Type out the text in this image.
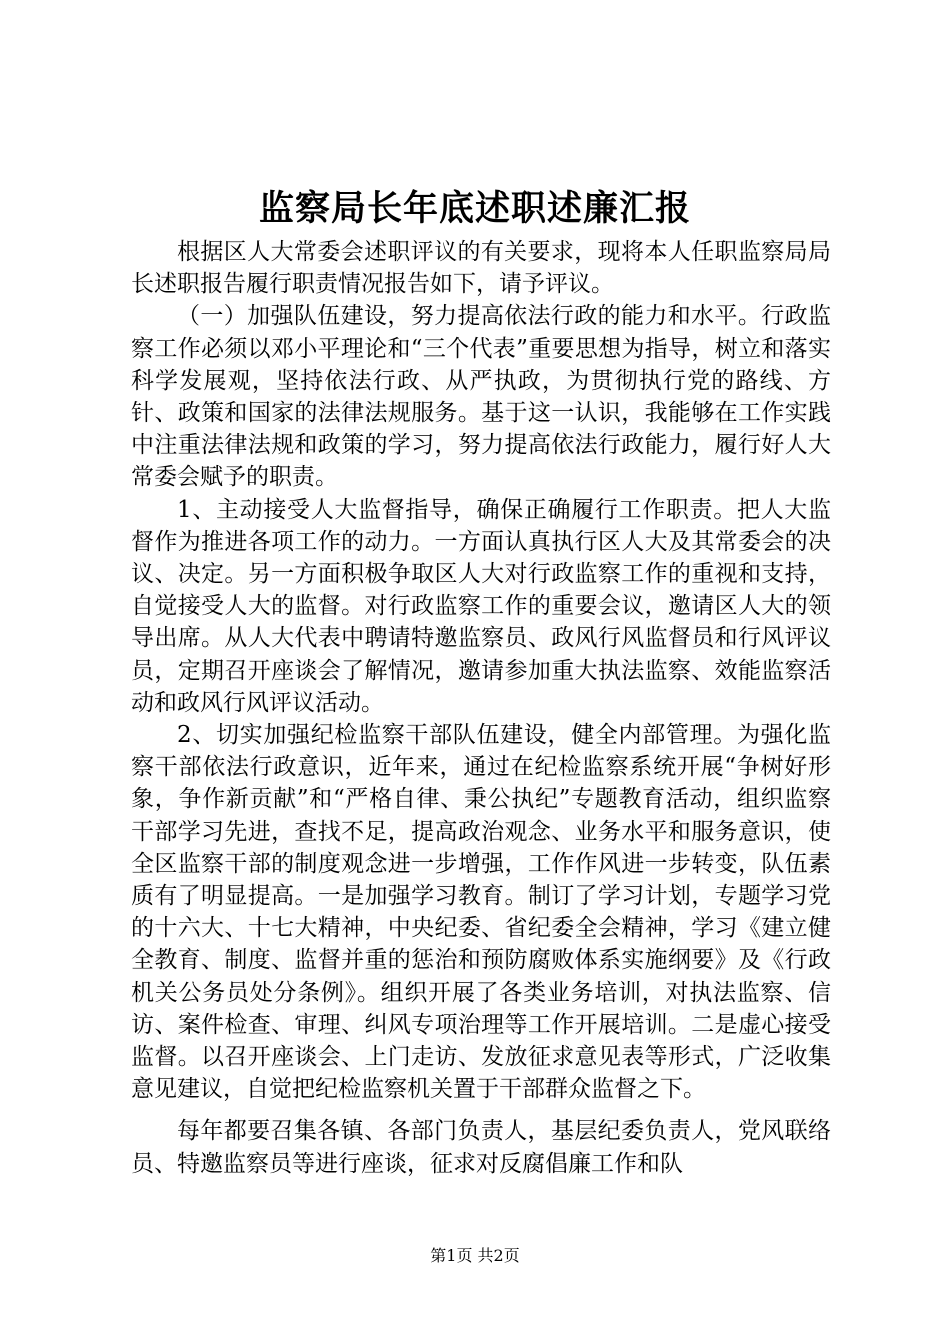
监察局长年底述职述廉汇报

根据区人大常委会述职评议的有关要求，现将本人任职监察局局长述职报告履行职责情况报告如下，请予评议。

（一）加强队伍建设，努力提高依法行政的能力和水平。行政监察工作必须以邓小平理论和“三个代表”重要思想为指导，树立和落实科学发展观，坚持依法行政、从严执政，为贯彻执行党的路线、方针、政策和国家的法律法规服务。基于这一认识，我能够在工作实践中注重法律法规和政策的学习，努力提高依法行政能力，履行好人大常委会赋予的职责。

1、主动接受人大监督指导，确保正确履行工作职责。把人大监督作为推进各项工作的动力。一方面认真执行区人大及其常委会的决议、决定。另一方面积极争取区人大对行政监察工作的重视和支持，自觉接受人大的监督。对行政监察工作的重要会议，邀请区人大的领导出席。从人大代表中聘请特邀监察员、政风行风监督员和行风评议员，定期召开座谈会了解情况，邀请参加重大执法监察、效能监察活动和政风行风评议活动。

2、切实加强纪检监察干部队伍建设，健全内部管理。为强化监察干部依法行政意识，近年来，通过在纪检监察系统开展“争树好形象，争作新贡献”和“严格自律、秉公执纪”专题教育活动，组织监察干部学习先进，查找不足，提高政治观念、业务水平和服务意识，使全区监察干部的制度观念进一步增强，工作作风进一步转变，队伍素质有了明显提高。一是加强学习教育。制订了学习计划，专题学习党的十六大、十七大精神，中央纪委、省纪委全会精神，学习《建立健全教育、制度、监督并重的惩治和预防腐败体系实施纲要》及《行政机关公务员处分条例》。组织开展了各类业务培训，对执法监察、信访、案件检查、审理、纠风专项治理等工作开展培训。二是虚心接受监督。以召开座谈会、上门走访、发放征求意见表等形式，广泛收集意见建议，自觉把纪检监察机关置于干部群众监督之下。

每年都要召集各镇、各部门负责人，基层纪委负责人，党风联络员、特邀监察员等进行座谈，征求对反腐倡廉工作和队

第1页 共2页
